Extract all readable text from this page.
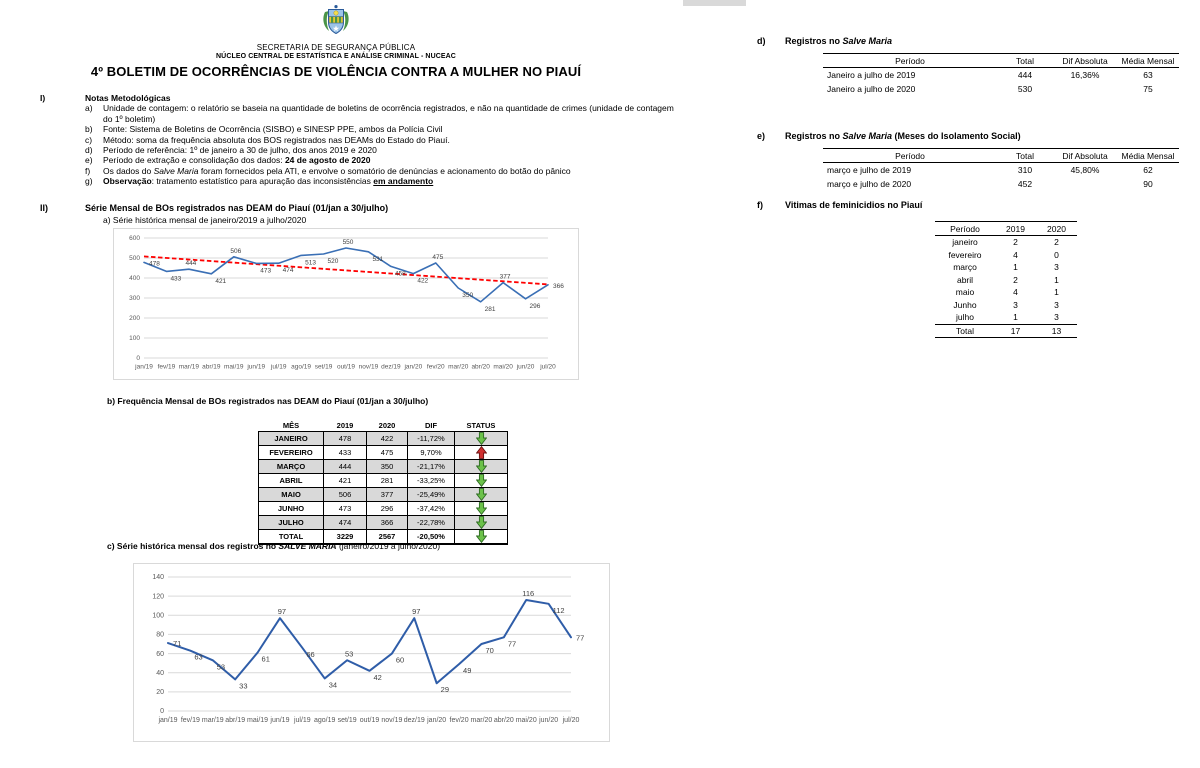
SECRETARIA DE SEGURANÇA PÚBLICA
NÚCLEO CENTRAL DE ESTATÍSTICA E ANÁLISE CRIMINAL - NUCEAC
4º BOLETIM DE OCORRÊNCIAS DE VIOLÊNCIA CONTRA A MULHER NO PIAUÍ
I)	Notas Metodológicas
a)	Unidade de contagem: o relatório se baseia na quantidade de boletins de ocorrência registrados, e não na quantidade de crimes (unidade de contagem do 1º boletim)
b)	Fonte: Sistema de Boletins de Ocorrência (SISBO) e SINESP PPE, ambos da Polícia Civil
c)	Método: soma da frequência absoluta dos BOS registrados nas DEAMs do Estado do Piauí.
d)	Período de referência: 1º de janeiro a 30 de julho, dos anos 2019 e 2020
e)	Período de extração e consolidação dos dados: 24 de agosto de 2020
f)	Os dados do Salve Maria foram fornecidos pela ATI, e envolve o somatório de denúncias e acionamento do botão do pânico
g)	Observação: tratamento estatístico para apuração das inconsistências em andamento
II)	Série Mensal de BOs registrados nas DEAM do Piauí (01/jan a 30/julho)
a) Série histórica mensal de janeiro/2019 a julho/2020
0
100
200
300
400
500
600
jan/19 fev/19 mar/19 abr/19 mai/19 jun/19 jul/19 ago/19 set/19 out/19 nov/19 dez/19 jan/20 fev/20 mar/20 abr/20 mai/20 jun/20 jul/20
478
433
444
421
506
473 474
513 520
550
531
458
422
475
350
281
377
296
366
b) Frequência Mensal de BOs registrados nas DEAM do Piauí (01/jan a 30/julho)
MÊS	2019	2020	DIF	STATUS
JANEIRO	478	422	-11,72%	
FEVEREIRO	433	475	9,70%	
MARÇO	444	350	-21,17%	
ABRIL	421	281	-33,25%	
MAIO	506	377	-25,49%	
JUNHO	473	296	-37,42%	
JULHO	474	366	-22,78%	
TOTAL	3229	2567	-20,50%	
c) Série histórica mensal dos registros no SALVE MARIA (janeiro/2019 a julho/2020)
0
20
40
60
80
100
120
140
jan/19 fev/19 mar/19 abr/19 mai/19 jun/19 jul/19 ago/19 set/19 out/19 nov/19 dez/19 jan/20 fev/20 mar/20 abr/20 mai/20 jun/20 jul/20
71
63
53
33
61
97
66
34
53
42
60
97
29
49
70
77
116
112
77
d)	Registros no Salve Maria
Período	Total	Dif Absoluta	Média Mensal
Janeiro a julho de 2019	444	16,36%	63
Janeiro a julho de 2020	530		75
e)	Registros no Salve Maria (Meses do Isolamento Social)
Período	Total	Dif Absoluta	Média Mensal
março e julho de 2019	310	45,80%	62
março e julho de 2020	452		90
f)	Vitimas de feminicidios no Piauí
Período	2019	2020
janeiro	2	2
fevereiro	4	0
março	1	3
abril	2	1
maio	4	1
Junho	3	3
julho	1	3
Total	17	13
